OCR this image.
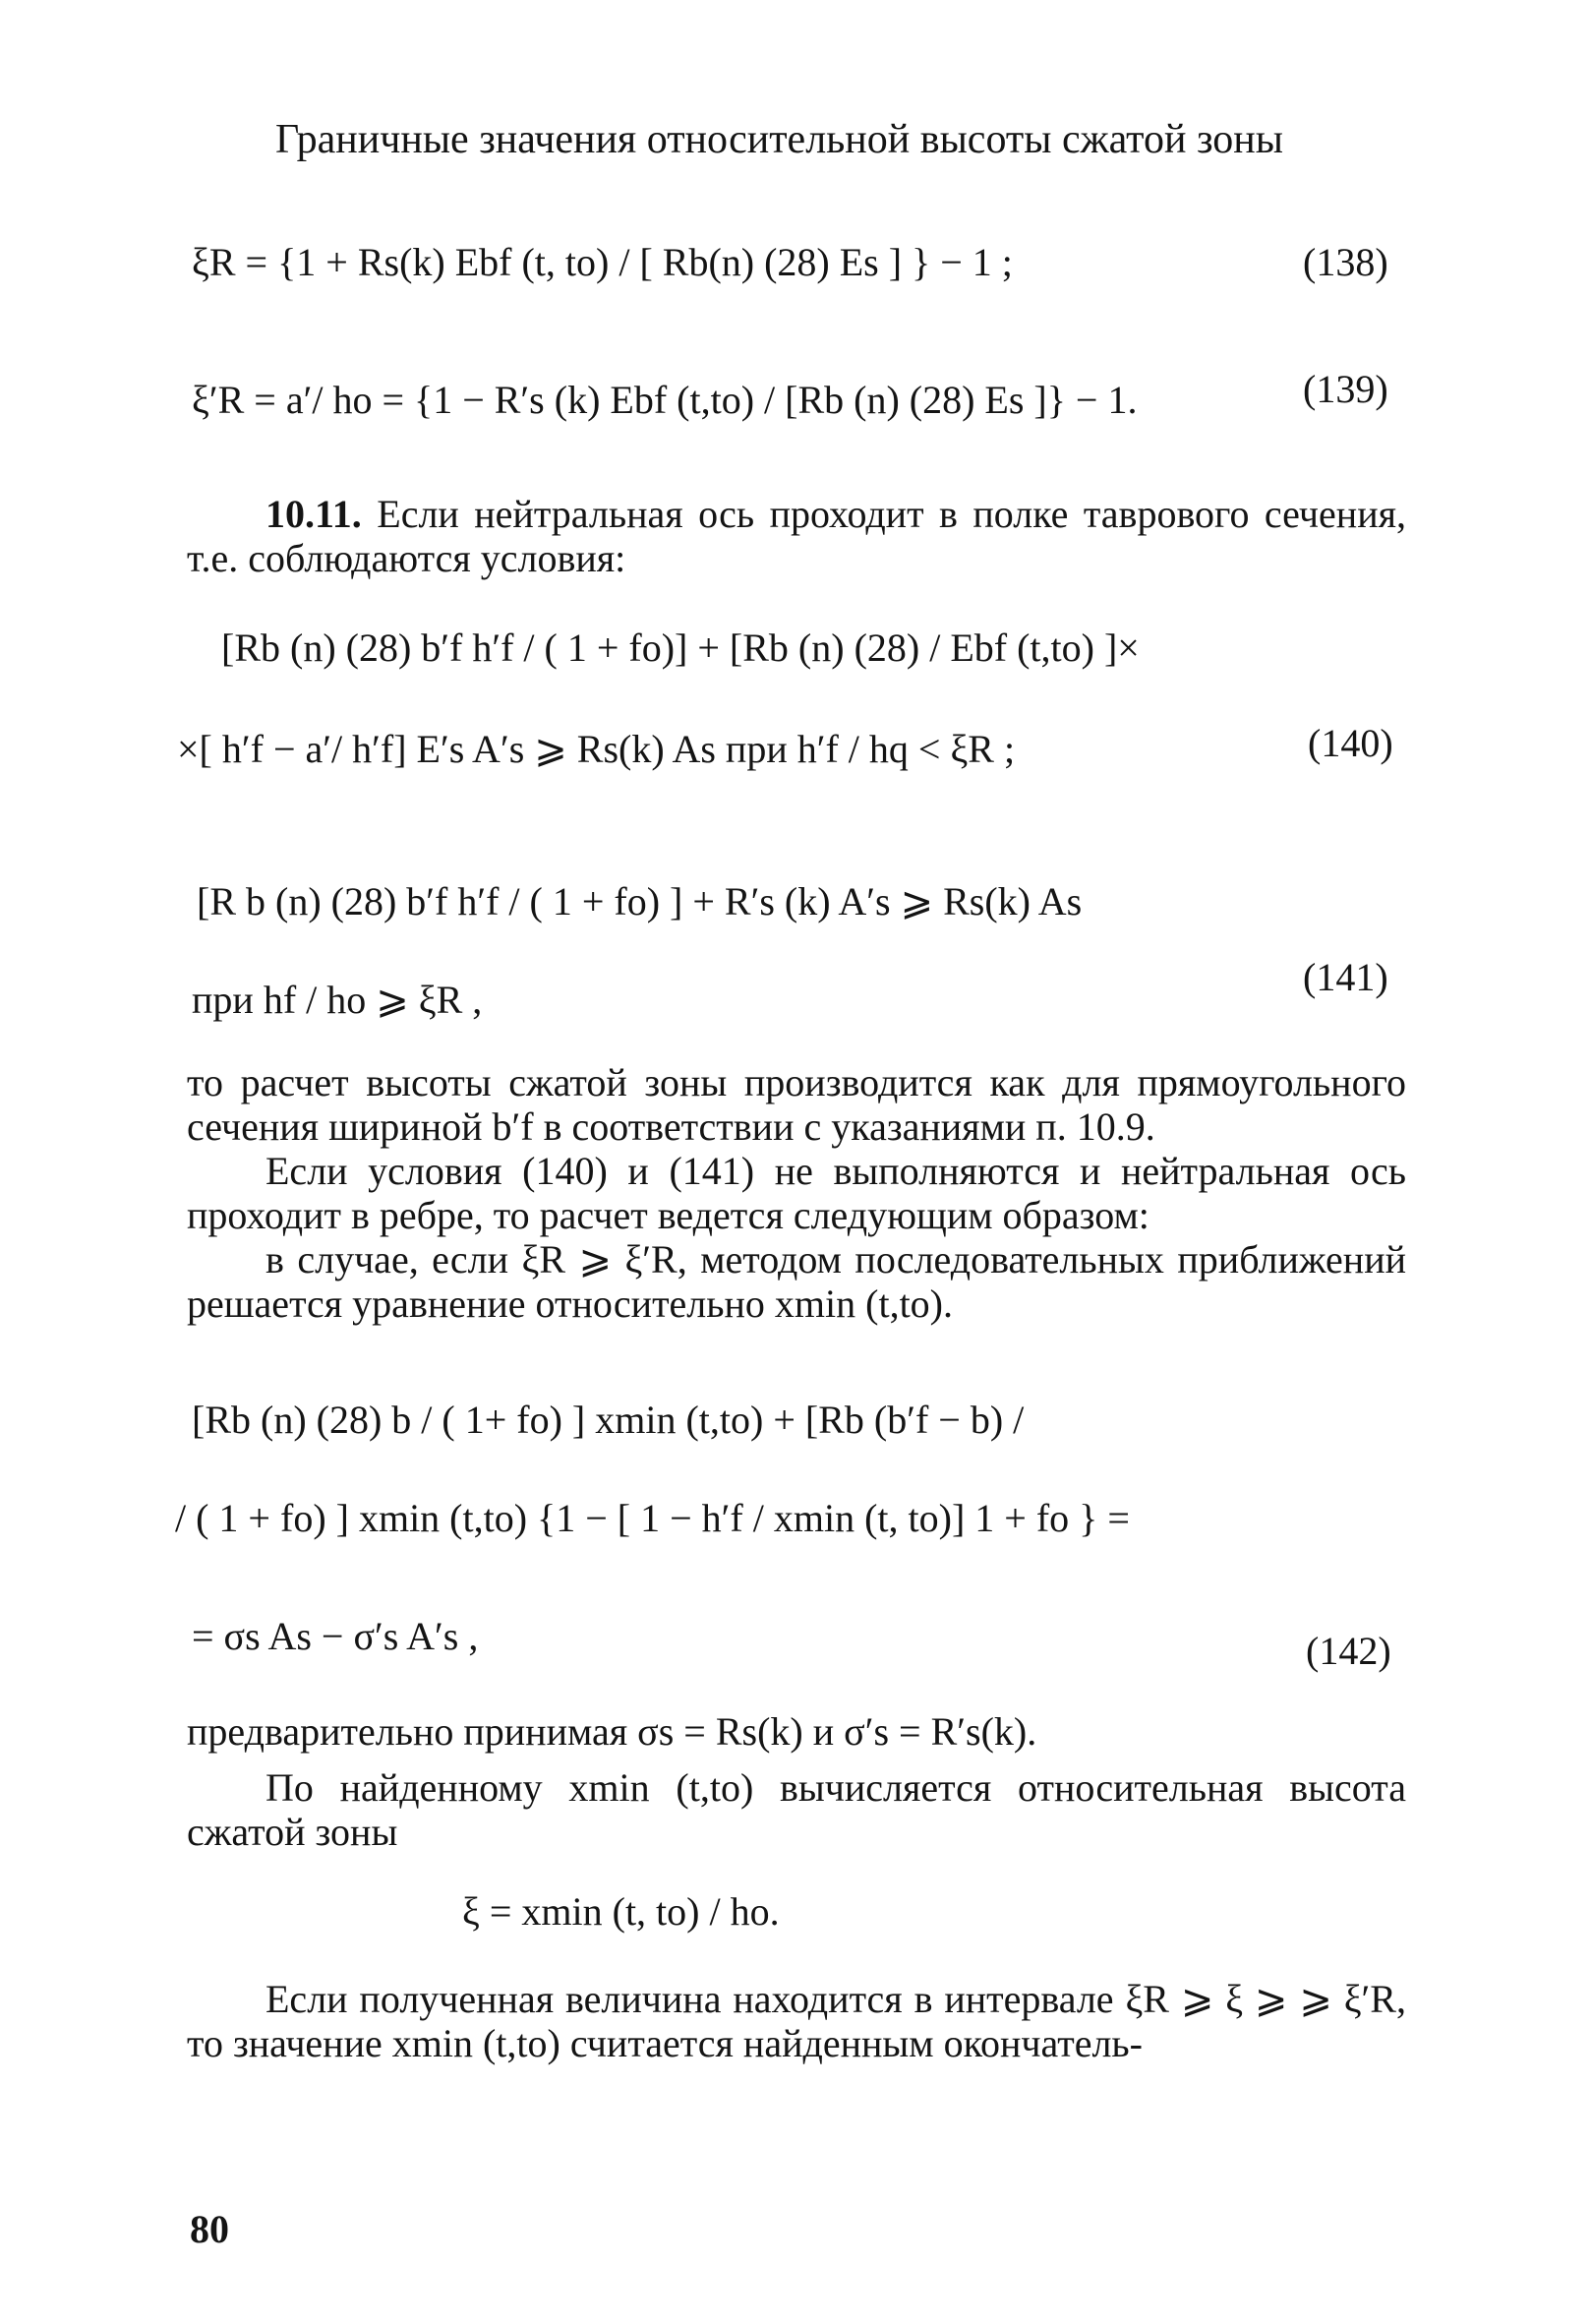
Граничные значения относительной высоты сжатой зоны
ξR = {1 + Rs(k) Ebf (t, to) / [ Rb(n) (28) Es ] } − 1 ;	(138)
ξ′R = a′/ ho = {1 − R′s (k) Ebf (t,to) / [Rb (n) (28) Es ]} − 1.	(139)
10.11. Если нейтральная ось проходит в полке таврового сечения, т.е. соблюдаются условия:
[Rb (n) (28) b′f h′f / ( 1 + fo)] + [Rb (n) (28) / Ebf (t,to) ]×
×[ h′f − a′/ h′f] E′s A′s ⩾ Rs(k) As при h′f / hq < ξR ;	(140)
[R b (n) (28) b′f h′f / ( 1 + fo) ] + R′s (k) A′s ⩾ Rs(k) As
при hf / ho ⩾ ξR ,
(141)
то расчет высоты сжатой зоны производится как для прямоугольного сечения шириной b′f в соответствии с указаниями п. 10.9.
Если условия (140) и (141) не выполняются и нейтральная ось проходит в ребре, то расчет ведется следующим образом:
в случае, если ξR ⩾ ξ′R, методом последовательных приближений решается уравнение относительно xmin (t,to).
[Rb (n) (28) b / ( 1+ fo) ] xmin (t,to) + [Rb (b′f − b) /
/ ( 1 + fo) ] xmin (t,to) {1 − [ 1 − h′f / xmin (t, to)] 1 + fo } =
= σs As − σ′s A′s ,	(142)
предварительно принимая σs = Rs(k) и σ′s = R′s(k).
По найденному xmin (t,to) вычисляется относительная высота сжатой зоны
ξ = xmin (t, to) / ho.
Если полученная величина находится в интервале ξR ⩾ ξ ⩾ ⩾ ξ′R, то значение xmin (t,to) считается найденным окончатель-
80
